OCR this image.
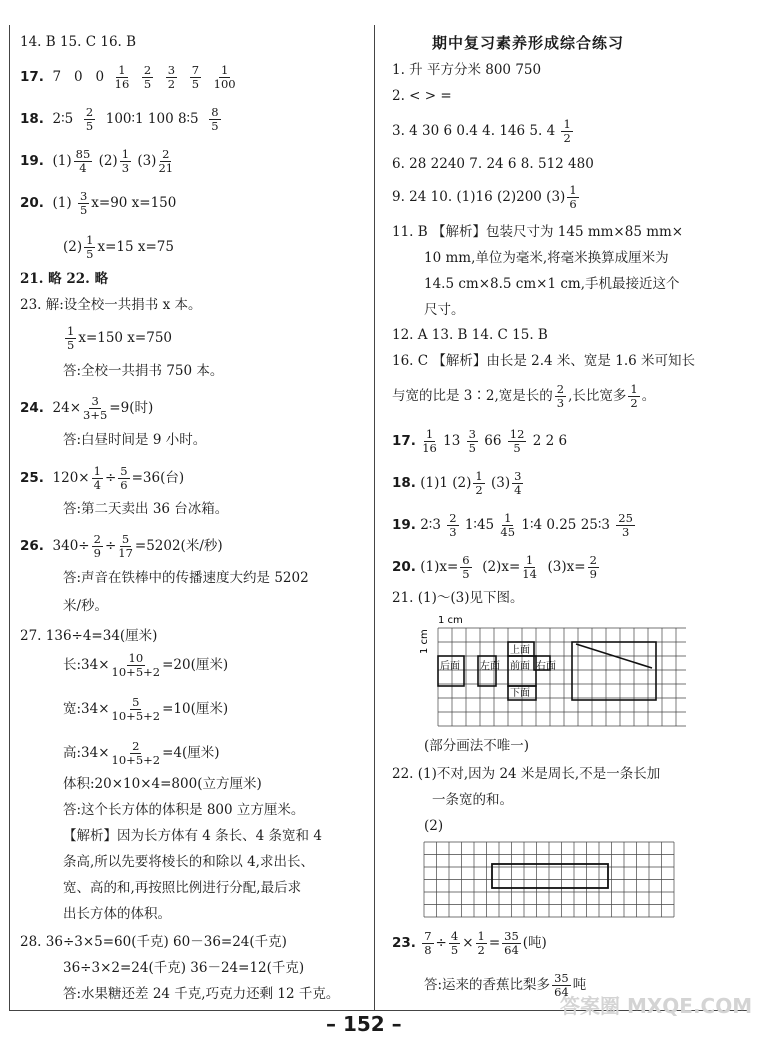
期中复习素养形成综合练习
14. B 15. C 16. B
17. 7 0 $0 \frac{1}{16}$
$\frac{2}{5}$
$\frac{3}{2}$
$\frac{7}{5}$
$\frac{1}{100}$
18. 2∶5 $\frac{2}{5}$ 100∶1 100 8∶5 $\frac{8}{5}$
19. $(1) \frac{85}{4} (2) \frac{1}{3} (3) \frac{2}{21}$
20. $(1) \frac{3}{5} x=90$ x=150
$(2) \frac{1}{5} x=15$ x=75
21. 略 22. 略
23. 解:设全校一共捐书 x 本。
$\frac{1}{5} x=150$ x=750
答:全校一共捐书 750 本。
24. $24\times \frac{3}{3+5} =9$(时)
答:白昼时间是 9 小时。
25. $120\times \frac{1}{4} \div \frac{5}{6} =36$(台)
答:第二天卖出 36 台冰箱。
26. $340\div \frac{2}{9} \div \frac{5}{17} =5202$(米/秒)
答:声音在铁棒中的传播速度大约是 5202
米/秒。
27. 136÷4=34(厘米)
长:34× $\frac{10}{10+5+2} =20$(厘米)
宽:34× $\frac{5}{10+5+2} =10$(厘米)
高:34× $\frac{2}{10+5+2} =4$(厘米)
体积:20×10×4=800(立方厘米)
答:这个长方体的体积是 800 立方厘米。
【解析】因为长方体有 4 条长、4 条宽和 4
条高,所以先要将棱长的和除以 4,求出长、
宽、高的和,再按照比例进行分配,最后求
出长方体的体积。
28. 36÷3×5=60(千克) 60－36=24(千克)
36÷3×2=24(千克) 36－24=12(千克)
答:水果糖还差 24 千克,巧克力还剩 12 千克。
1. 升 平方分米 800 750
2. < > =
3. 4 30 6 0.4 4. 146 5. $4 \frac{1}{2}$
6. 28 2240 7. 24 6 8. 512 480
9. 24 10. (1)16 (2)200 $(3) \frac{1}{6}$
11. B 【解析】包装尺寸为 145 mm×85 mm×
10 mm,单位为毫米,将毫米换算成厘米为
14.5 cm×8.5 cm×1 cm,手机最接近这个
尺寸。
12. A 13. B 14. C 15. B
16. C 【解析】由长是 2.4 米、宽是 1.6 米可知长
与宽的比是 3∶2,宽是长的 $\frac{2}{3}$ ,长比宽多 $\frac{1}{2}$ 。
17. $\frac{1}{16} 13 \frac{3}{5} 66 \frac{12}{5} 2$ 2 6
18. (1)1 $(2) \frac{1}{2} (3) \frac{3}{4}$
19. 2∶3 $\frac{2}{3}$ 1∶45 $\frac{1}{45}$ 1∶4 0.25 25∶3 $\frac{25}{3}$
20. $(1)x= \frac{6}{5} (2)x= \frac{1}{14} (3)x= \frac{2}{9}$
21. (1)～(3)见下图。
1 cm
1 cm	上面
后面 左面 前面 右面
下面
(部分画法不唯一)
22. (1)不对,因为 24 米是周长,不是一条长加
一条宽的和。
(2)
23. $\frac{7}{8} \div \frac{4}{5} \times \frac{1}{2} = \frac{35}{64}$ (吨)
答:运来的香蕉比梨多 $\frac{35}{64}$ 吨
答案圈 MXQE.COM
– 152 –
